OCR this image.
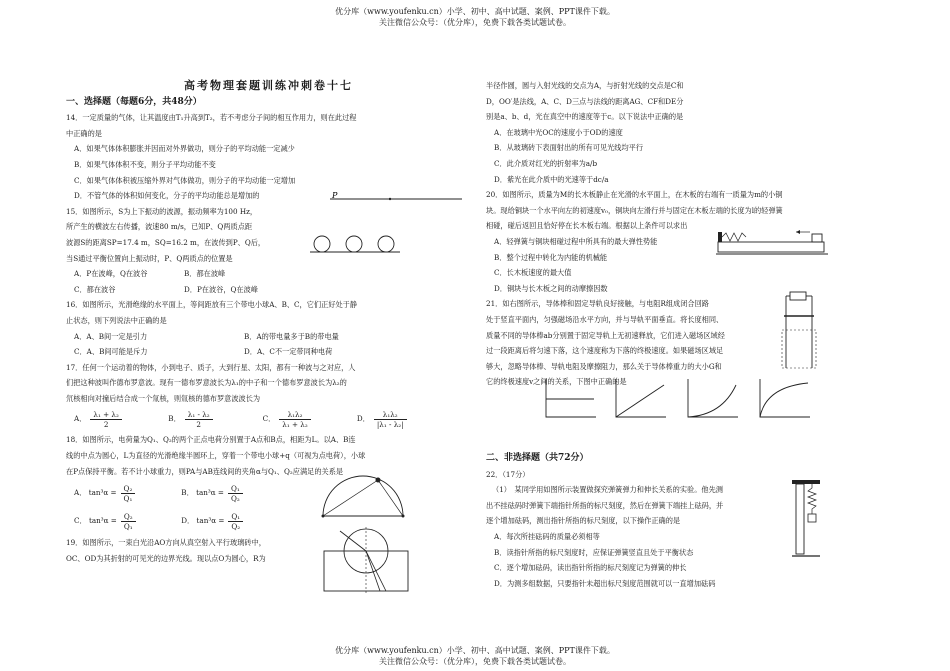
优分库（www.youfenku.cn）小学、初中、高中试题、案例、PPT课件下载。
关注微信公众号：（优分库），免费下载各类试题试卷。

高考物理套题训练冲刺卷十七

一、选择题（每题6分，共48分）

14．一定质量的气体，让其温度由T₁升高到T₂，若不考虑分子间的相互作用力，则在此过程

中正确的是

A．如果气体体积膨胀并因而对外界做功，则分子的平均动能一定减少

B．如果气体体积不变，则分子平均动能不变

C．如果气体体积被压缩外界对气体做功，则分子的平均动能一定增加

D．不管气体的体积如何变化，分子的平均动能总是增加的

15．如图所示，S为上下振动的波源，振动频率为100 Hz，

所产生的横波左右传播，波速80 m/s，已知P、Q两质点距

波源S的距离SP=17.4 m，SQ=16.2 m，在波传到P、Q后，

当S通过平衡位置向上振动时，P、Q两质点的位置是

A．P在波峰，Q在波谷	B．都在波峰

C．都在波谷	D．P在波谷，Q在波峰

16．如图所示，光滑绝缘的水平面上，等间距放有三个带电小球A、B、C，它们正好处于静

止状态，则下列说法中正确的是

A．A、B间一定是引力	B．A的带电量多于B的带电量

C．A、B间可能是斥力	D．A、C不一定带同种电荷

17．任何一个运动着的物体，小到电子、质子，大到行星、太阳，都有一种波与之对应，人

们把这种波叫作德布罗意波。现有一德布罗意波长为λ₁的中子和一个德布罗意波长为λ₂的

氘核相向对撞后结合成一个氚核，则氚核的德布罗意波波长为

A． $\frac{\text{λ₁ + λ₂}}{2}$	B． $\frac{\text{λ₁ - λ₂}}{2}$	C． $\frac{\text{λ₁λ₂}}{\text{λ₁ + λ₂}}$	D． $\frac{\text{λ₁λ₂}}{\text{|λ₁ - λ₂|}}$

18．如图所示，电荷量为Q₁、Q₂的两个正点电荷分别置于A点和B点，相距为L。以A、B连

线的中点为圆心，L为直径的光滑绝缘半圆环上，穿着一个带电小球+q（可视为点电荷），小球

在P点保持平衡。若不计小球重力，则PA与AB连线间的夹角α与Q₁、Q₂应满足的关系是

A． $\tan^3\alpha = \frac{\text{Q₂}}{\text{Q₁}}$	B． $\tan^3\alpha = \frac{\text{Q₁}}{\text{Q₂}}$

C． $\tan^3\alpha = \frac{\text{Q₂}}{\text{Q₁}}$	D． $\tan^3\alpha = \frac{\text{Q₁}}{\text{Q₂}}$

19．如图所示，一束白光沿AO方向从真空射入平行玻璃砖中，

OC、OD为其折射的可见光的边界光线。现以点O为圆心，R为

P

半径作圆，圆与入射光线的交点为A，与折射光线的交点是C和

D，OO′是法线，A、C、D三点与法线的距离AG、CF和DE分

别是a、b、d，光在真空中的速度等于c。以下说法中正确的是

A．在玻璃中光OC的速度小于OD的速度

B．从玻璃砖下表面射出的所有可见光线均平行

C．此介质对红光的折射率为a/b

D．紫光在此介质中的光速等于dc/a

20．如图所示，质量为M的长木板静止在光滑的水平面上，在木板的右端有一质量为m的小铜

块。现给铜块一个水平向左的初速度v₀，铜块向左滑行并与固定在木板左端的长度为l的轻弹簧

相碰，碰后返回且恰好停在长木板右端。根据以上条件可以求出

A．轻弹簧与铜块相碰过程中所具有的最大弹性势能

B．整个过程中转化为内能的机械能

C．长木板速度的最大值

D．铜块与长木板之间的动摩擦因数

21．如右图所示，导体棒和固定导轨良好接触，与电阻R组成闭合回路

处于竖直平面内，匀强磁场沿水平方向，并与导轨平面垂直。将长度相同、

质量不同的导体棒ab分别置于固定导轨上无初速释放，它们进入磁场区域经

过一段距离后将匀速下落，这个速度称为下落的终极速度。如果磁场区域足

够大，忽略导体棒、导轨电阻及摩擦阻力，那么关于导体棒重力的大小G和

它的终极速度v之间的关系，下图中正确的是

二、非选择题（共72分）

22．（17分）

（1）　某同学用如图所示装置做探究弹簧弹力和伸长关系的实验。他先测

出不挂砝码时弹簧下端指针所指的标尺刻度，然后在弹簧下端挂上砝码，并

逐个增加砝码，测出指针所指的标尺刻度，以下操作正确的是

A．每次所挂砝码的质量必须相等

B．读指针所指的标尺刻度时，应保证弹簧竖直且处于平衡状态

C．逐个增加砝码，读出指针所指的标尺刻度记为弹簧的伸长

D．为测多组数据，只要指针未超出标尺刻度范围就可以一直增加砝码

优分库（www.youfenku.cn）小学、初中、高中试题、案例、PPT课件下载。
关注微信公众号：（优分库），免费下载各类试题试卷。
